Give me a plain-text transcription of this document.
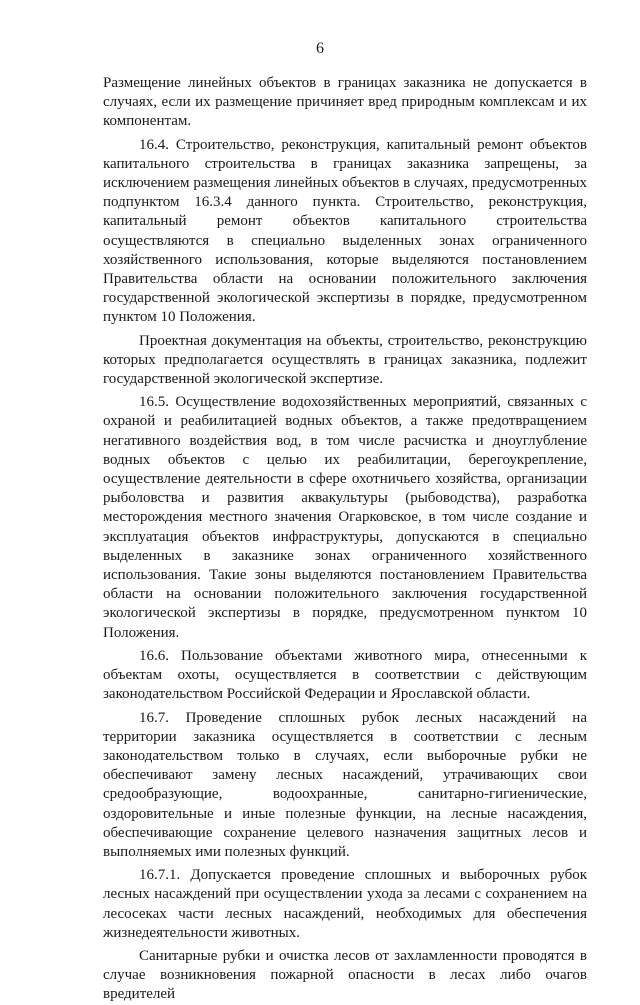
6

Размещение линейных объектов в границах заказника не допускается в случаях, если их размещение причиняет вред природным комплексам и их компонентам.

16.4. Строительство, реконструкция, капитальный ремонт объектов капитального строительства в границах заказника запрещены, за исключением размещения линейных объектов в случаях, предусмотренных подпунктом 16.3.4 данного пункта. Строительство, реконструкция, капитальный ремонт объектов капитального строительства осуществляются в специально выделенных зонах ограниченного хозяйственного использования, которые выделяются постановлением Правительства области на основании положительного заключения государственной экологической экспертизы в порядке, предусмотренном пунктом 10 Положения.

Проектная документация на объекты, строительство, реконструкцию которых предполагается осуществлять в границах заказника, подлежит государственной экологической экспертизе.

16.5. Осуществление водохозяйственных мероприятий, связанных с охраной и реабилитацией водных объектов, а также предотвращением негативного воздействия вод, в том числе расчистка и дноуглубление водных объектов с целью их реабилитации, берегоукрепление, осуществление деятельности в сфере охотничьего хозяйства, организации рыболовства и развития аквакультуры (рыбоводства), разработка месторождения местного значения Огарковское, в том числе создание и эксплуатация объектов инфраструктуры, допускаются в специально выделенных в заказнике зонах ограниченного хозяйственного использования. Такие зоны выделяются постановлением Правительства области на основании положительного заключения государственной экологической экспертизы в порядке, предусмотренном пунктом 10 Положения.

16.6. Пользование объектами животного мира, отнесенными к объектам охоты, осуществляется в соответствии с действующим законодательством Российской Федерации и Ярославской области.

16.7. Проведение сплошных рубок лесных насаждений на территории заказника осуществляется в соответствии с лесным законодательством только в случаях, если выборочные рубки не обеспечивают замену лесных насаждений, утрачивающих свои средообразующие, водоохранные, санитарно-гигиенические, оздоровительные и иные полезные функции, на лесные насаждения, обеспечивающие сохранение целевого назначения защитных лесов и выполняемых ими полезных функций.

16.7.1. Допускается проведение сплошных и выборочных рубок лесных насаждений при осуществлении ухода за лесами с сохранением на лесосеках части лесных насаждений, необходимых для обеспечения жизнедеятельности животных.

Санитарные рубки и очистка лесов от захламленности проводятся в случае возникновения пожарной опасности в лесах либо очагов вредителей
